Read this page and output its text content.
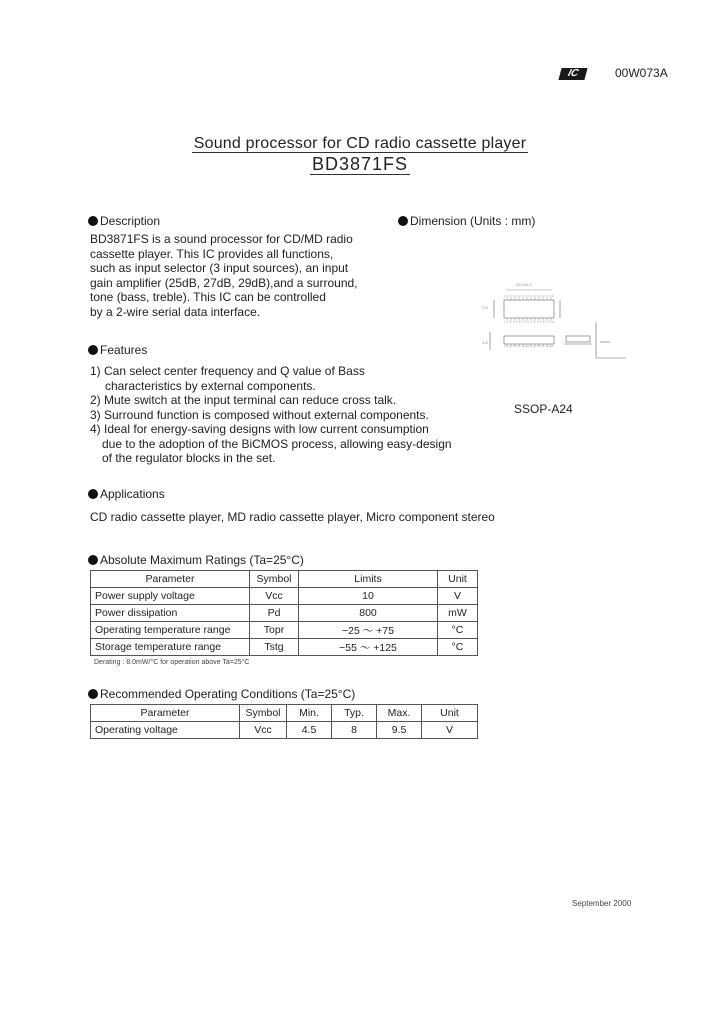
IC	00W073A
Sound processor for CD radio cassette player
BD3871FS
Description
BD3871FS is a sound processor for CD/MD radio
cassette player. This IC provides all functions,
such as input selector (3 input sources), an input
gain amplifier (25dB, 27dB, 29dB),and a surround,
tone (bass, treble). This IC can be controlled
by a 2-wire serial data interface.
Dimension (Units : mm)
10.0±0.2
7.8
1.8
SSOP-A24
Features
1) Can select center frequency and Q value of Bass
characteristics by external components.
2) Mute switch at the input terminal can reduce cross talk.
3) Surround function is composed without external components.
4) Ideal for energy-saving designs with low current consumption
due to the adoption of the BiCMOS process, allowing easy-design
of the regulator blocks in the set.
Applications
CD radio cassette player, MD radio cassette player, Micro component stereo
Absolute Maximum Ratings (Ta=25°C)
Parameter	Symbol	Limits	Unit
Power supply voltage	Vcc	10	V
Power dissipation	Pd	800	mW
Operating temperature range	Topr	−25 ～ +75	°C
Storage temperature range	Tstg	−55 ～ +125	°C
Derating : 8.0mW/°C for operation above Ta=25°C
Recommended Operating Conditions (Ta=25°C)
Parameter	Symbol	Min.	Typ.	Max.	Unit
Operating voltage	Vcc	4.5	8	9.5	V
September 2000
